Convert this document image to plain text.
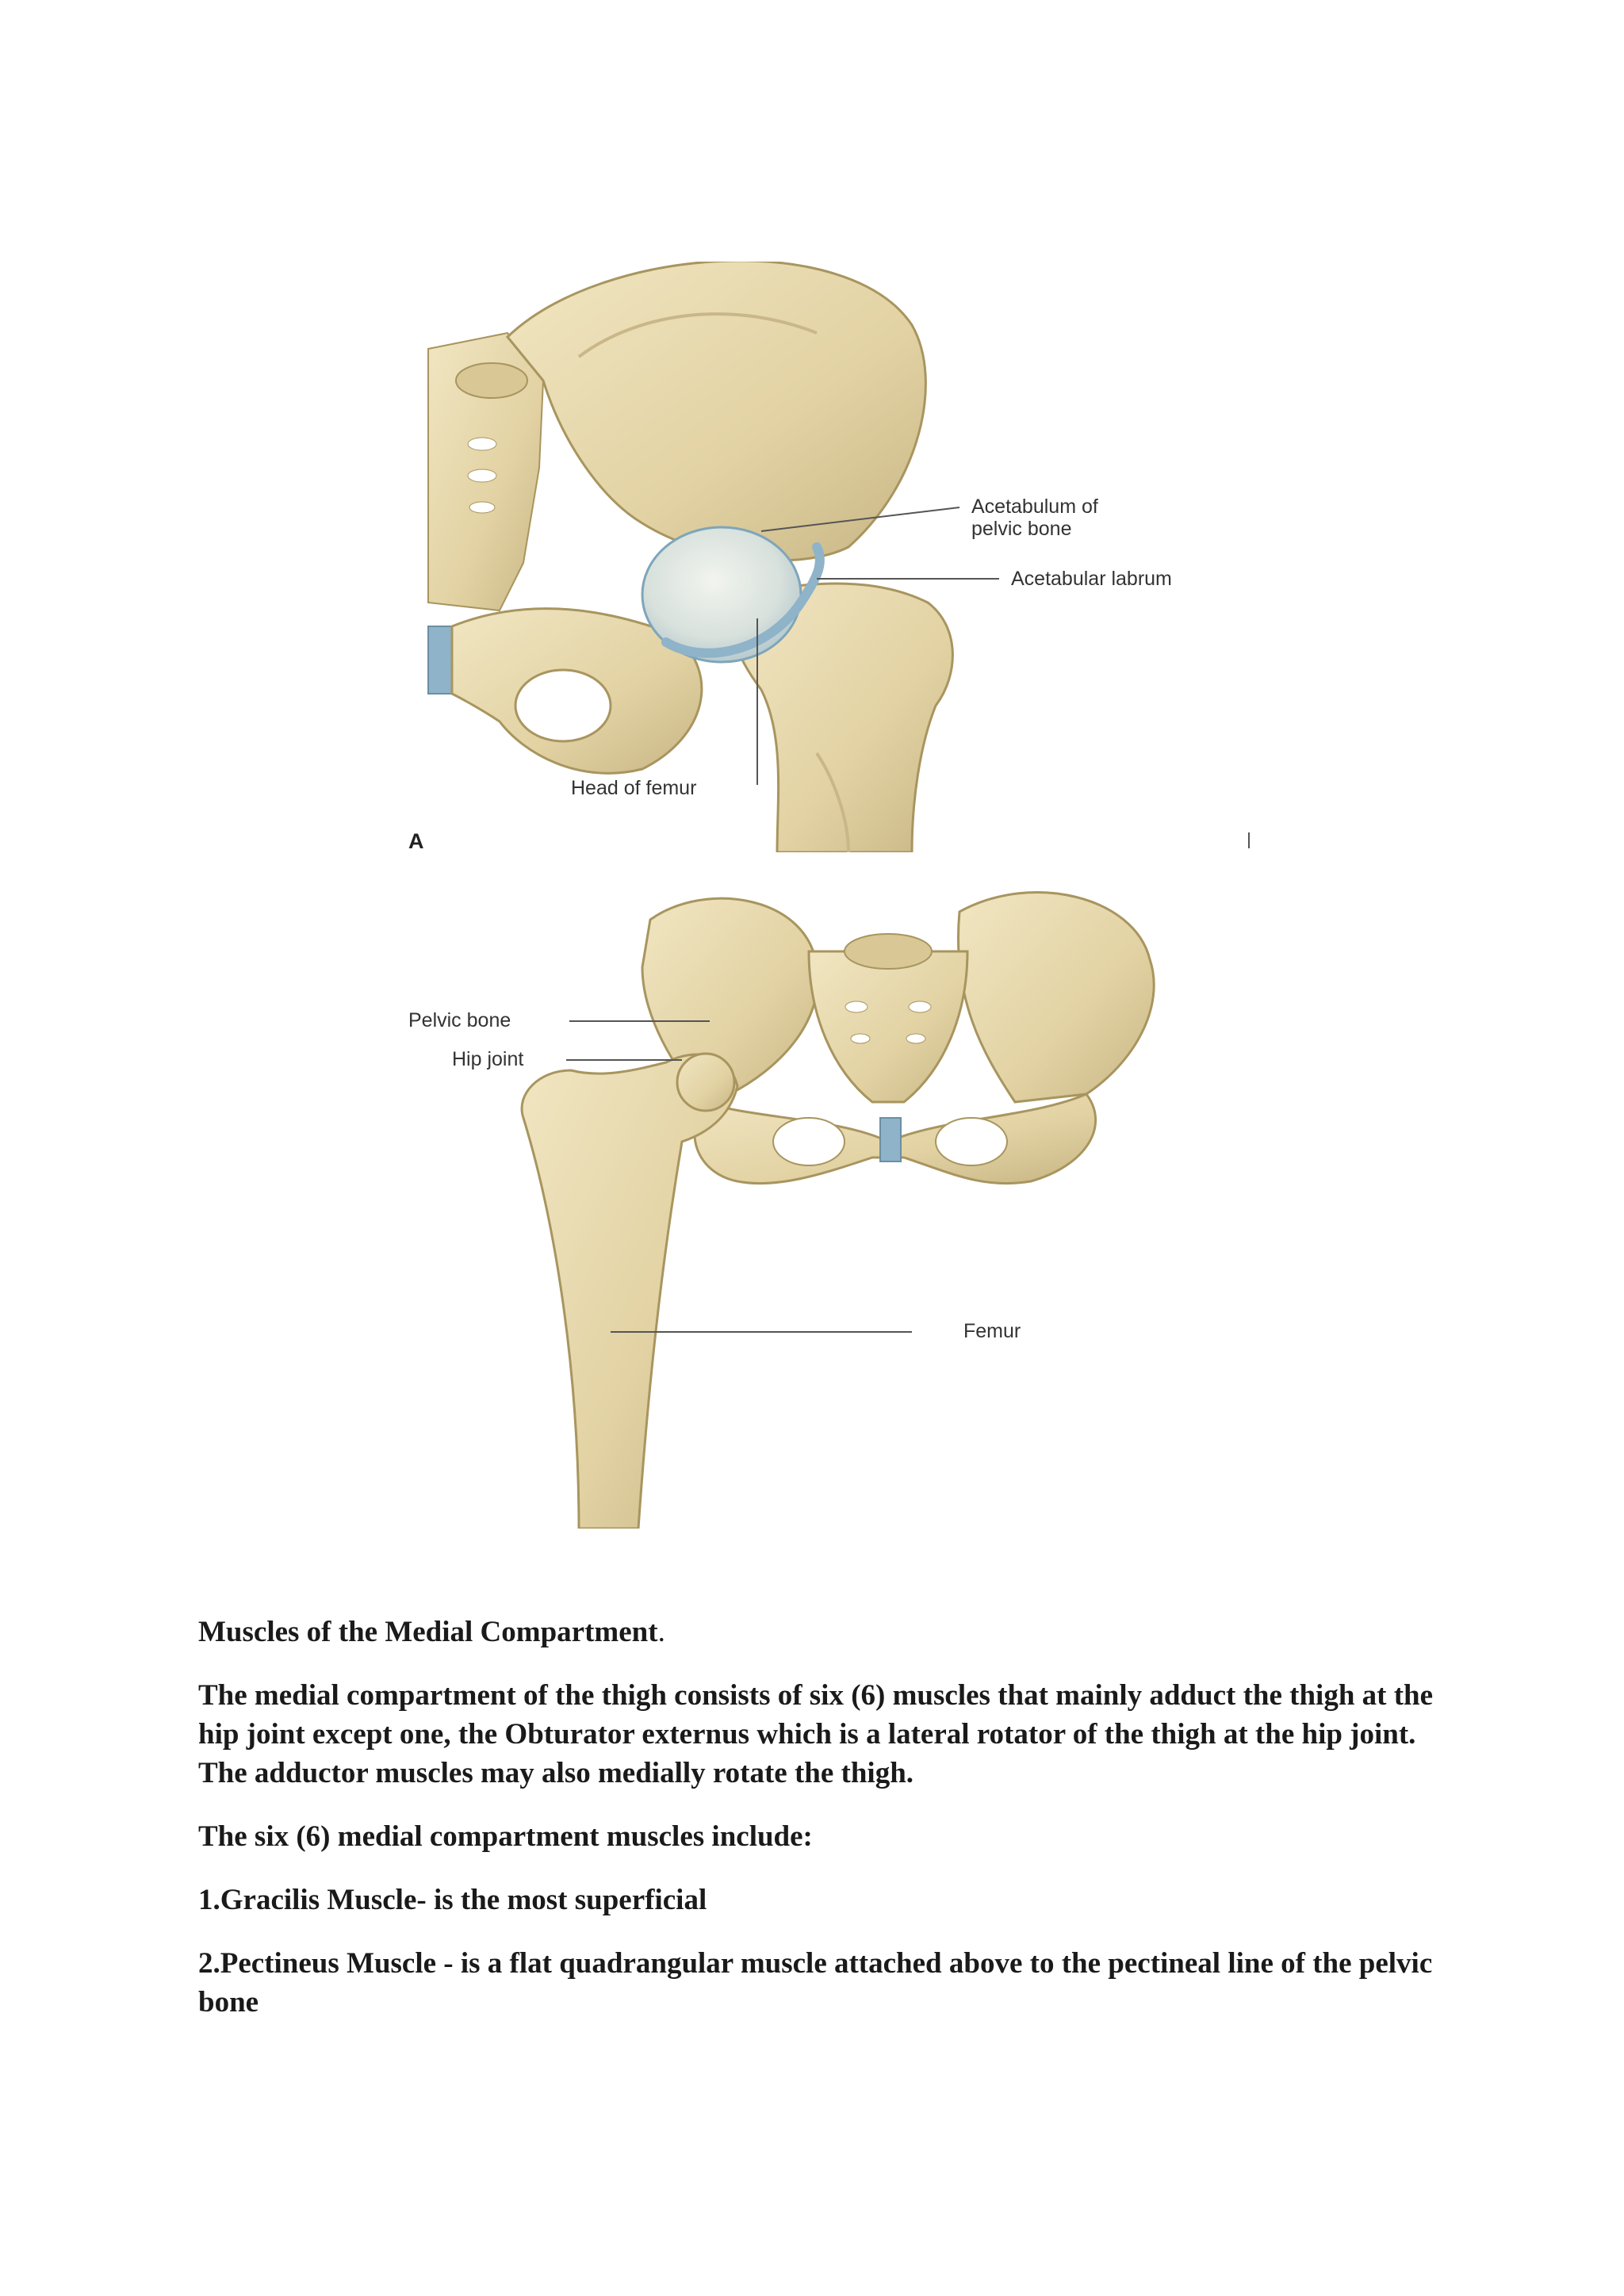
Acetabulum of
pelvic bone
Acetabular labrum
Head of femur
A
Pelvic bone
Hip joint
Femur
Muscles of the Medial Compartment.
The medial compartment of the thigh consists of six (6) muscles that mainly adduct the thigh at the hip joint except one, the Obturator externus which is a lateral rotator of the thigh at the hip joint. The adductor muscles may also medially rotate the thigh.
The six (6) medial compartment muscles include:
1.Gracilis Muscle- is the most superficial
2.Pectineus Muscle - is a flat quadrangular muscle attached above to the pectineal line of the pelvic bone
